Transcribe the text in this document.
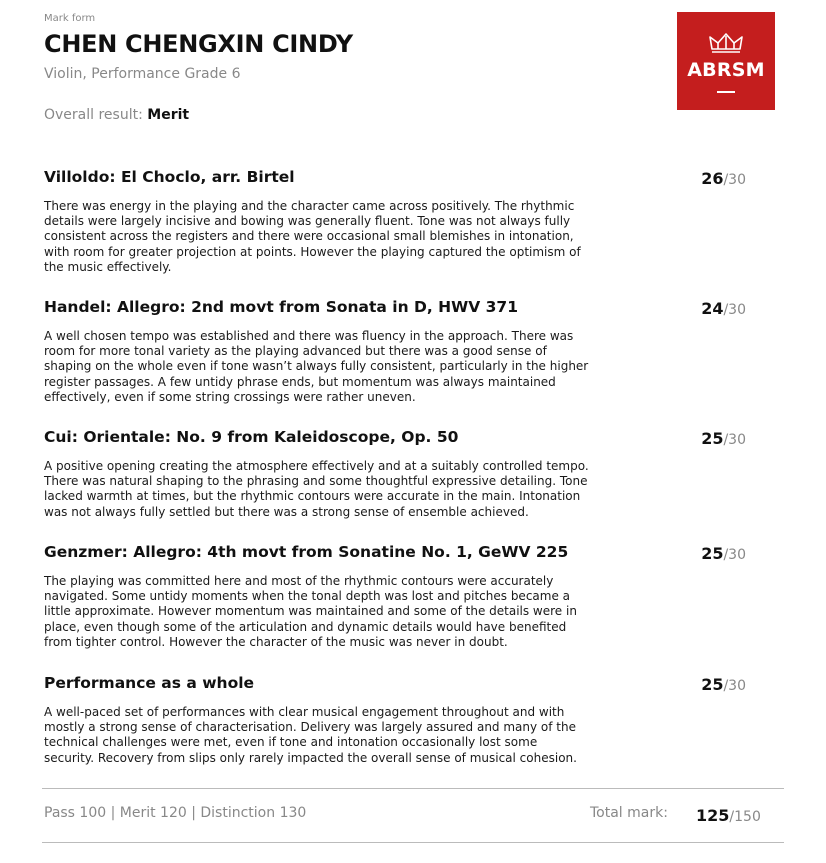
Mark form
CHEN CHENGXIN CINDY
Violin, Performance Grade 6
Overall result: Merit
ABRSM
Villoldo: El Choclo, arr. Birtel	26/30
There was energy in the playing and the character came across positively. The rhythmic details were largely incisive and bowing was generally fluent. Tone was not always fully consistent across the registers and there were occasional small blemishes in intonation, with room for greater projection at points. However the playing captured the optimism of the music effectively.
Handel: Allegro: 2nd movt from Sonata in D, HWV 371	24/30
A well chosen tempo was established and there was fluency in the approach. There was room for more tonal variety as the playing advanced but there was a good sense of shaping on the whole even if tone wasn’t always fully consistent, particularly in the higher register passages. A few untidy phrase ends, but momentum was always maintained effectively, even if some string crossings were rather uneven.
Cui: Orientale: No. 9 from Kaleidoscope, Op. 50	25/30
A positive opening creating the atmosphere effectively and at a suitably controlled tempo. There was natural shaping to the phrasing and some thoughtful expressive detailing. Tone lacked warmth at times, but the rhythmic contours were accurate in the main. Intonation was not always fully settled but there was a strong sense of ensemble achieved.
Genzmer: Allegro: 4th movt from Sonatine No. 1, GeWV 225	25/30
The playing was committed here and most of the rhythmic contours were accurately navigated. Some untidy moments when the tonal depth was lost and pitches became a little approximate. However momentum was maintained and some of the details were in place, even though some of the articulation and dynamic details would have benefited from tighter control. However the character of the music was never in doubt.
Performance as a whole	25/30
A well-paced set of performances with clear musical engagement throughout and with mostly a strong sense of characterisation. Delivery was largely assured and many of the technical challenges were met, even if tone and intonation occasionally lost some security. Recovery from slips only rarely impacted the overall sense of musical cohesion.
Pass 100 | Merit 120 | Distinction 130	Total mark: 125/150
